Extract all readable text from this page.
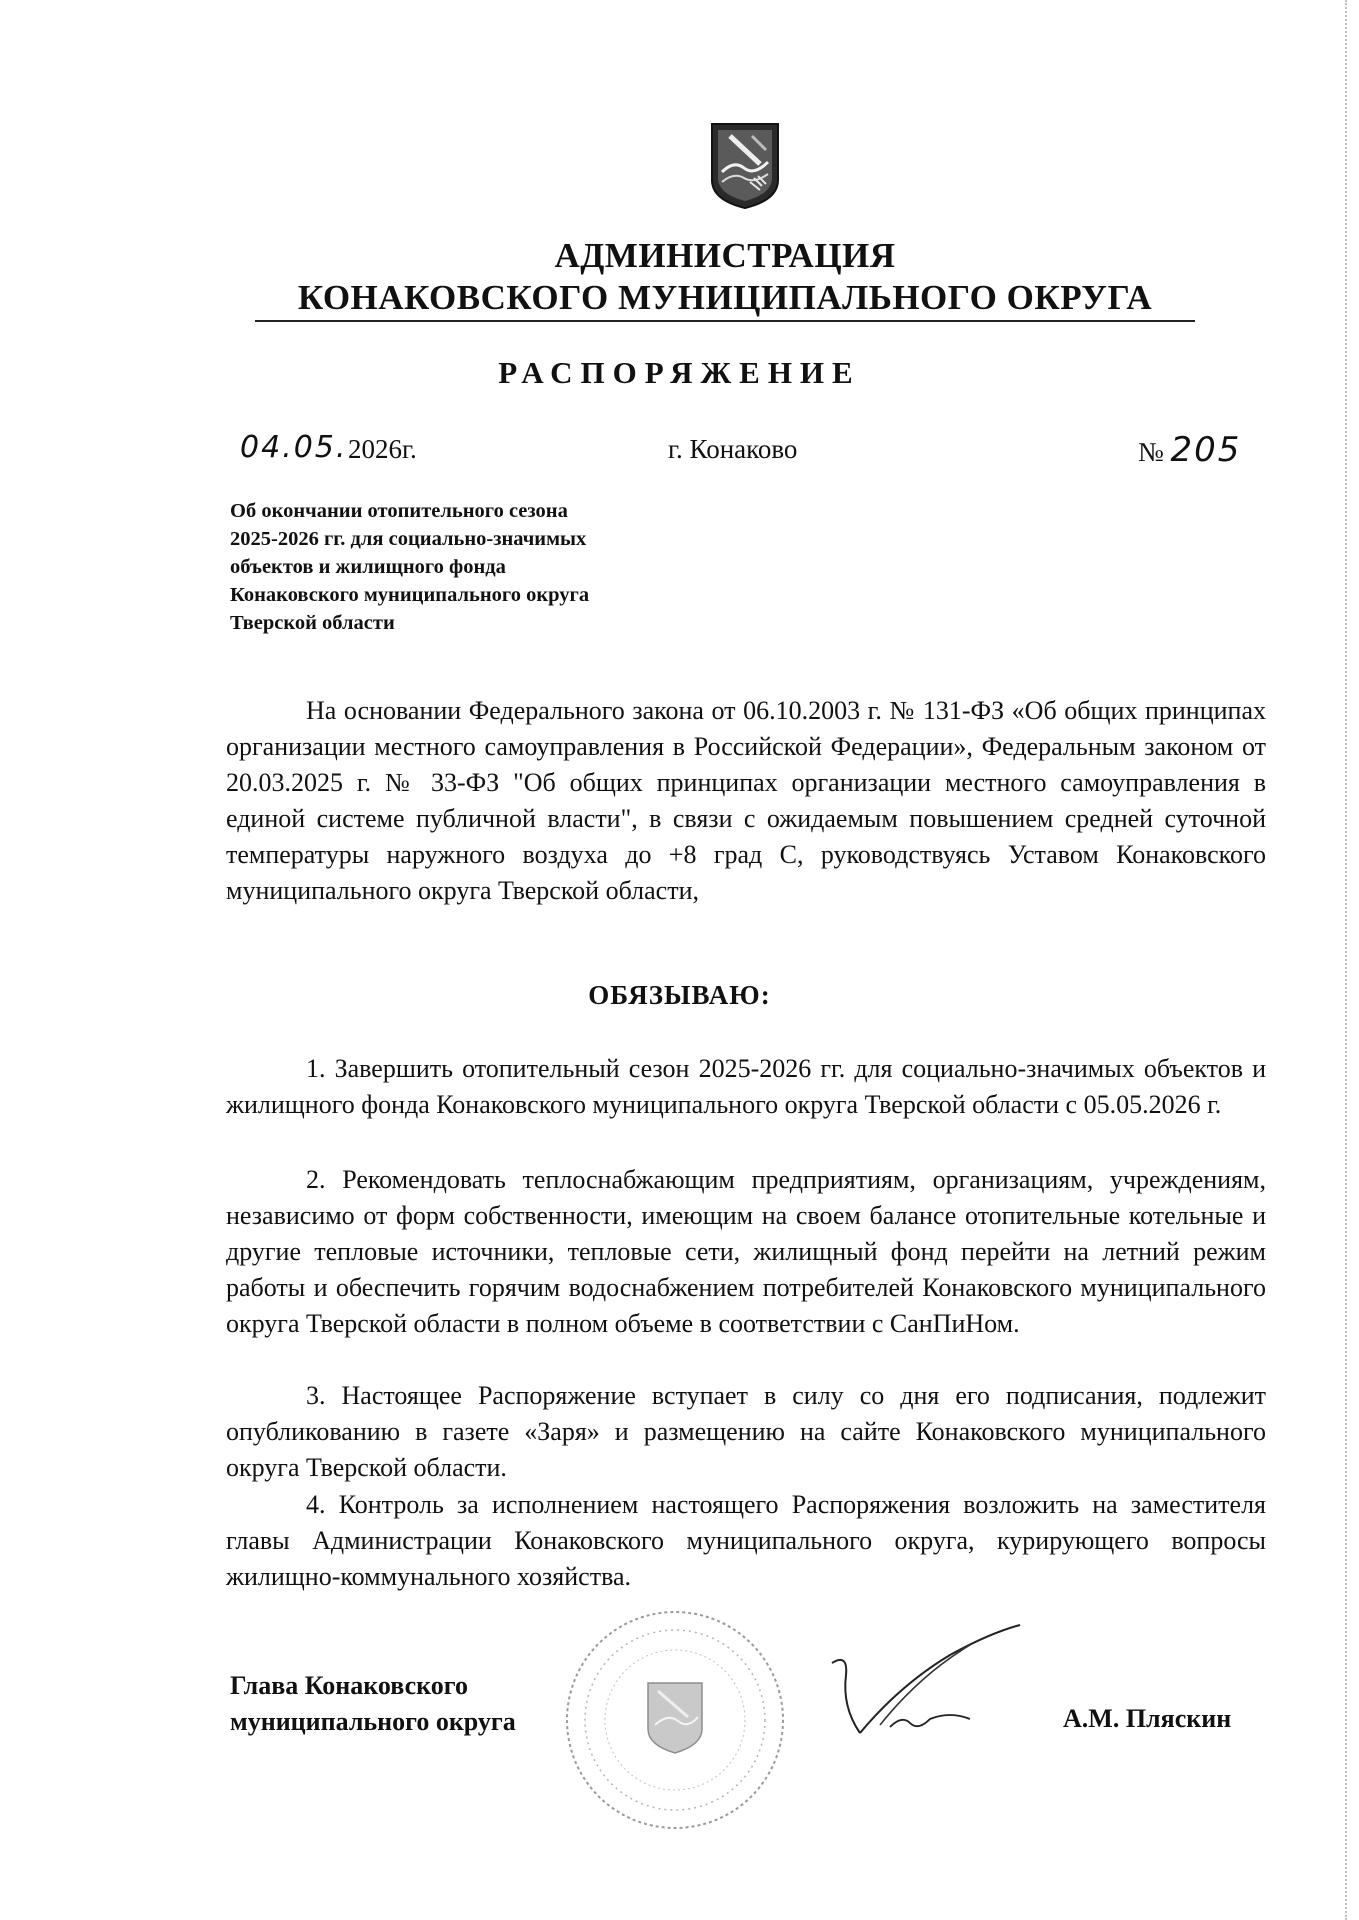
АДМИНИСТРАЦИЯ
КОНАКОВСКОГО МУНИЦИПАЛЬНОГО ОКРУГА
РАСПОРЯЖЕНИЕ
04.05. 2026г.	г. Конаково	№ 205
Об окончании отопительного сезона
2025-2026 гг. для социально-значимых
объектов и жилищного фонда
Конаковского муниципального округа
Тверской области
На основании Федерального закона от 06.10.2003 г. № 131-ФЗ «Об общих принципах организации местного самоуправления в Российской Федерации», Федеральным законом от 20.03.2025 г. № 33-ФЗ "Об общих принципах организации местного самоуправления в единой системе публичной власти", в связи с ожидаемым повышением средней суточной температуры наружного воздуха до +8 град С, руководствуясь Уставом Конаковского муниципального округа Тверской области,
ОБЯЗЫВАЮ:
1. Завершить отопительный сезон 2025-2026 гг. для социально-значимых объектов и жилищного фонда Конаковского муниципального округа Тверской области с 05.05.2026 г.
2. Рекомендовать теплоснабжающим предприятиям, организациям, учреждениям, независимо от форм собственности, имеющим на своем балансе отопительные котельные и другие тепловые источники, тепловые сети, жилищный фонд перейти на летний режим работы и обеспечить горячим водоснабжением потребителей Конаковского муниципального округа Тверской области в полном объеме в соответствии с СанПиНом.
3. Настоящее Распоряжение вступает в силу со дня его подписания, подлежит опубликованию в газете «Заря» и размещению на сайте Конаковского муниципального округа Тверской области.
4. Контроль за исполнением настоящего Распоряжения возложить на заместителя главы Администрации Конаковского муниципального округа, курирующего вопросы жилищно-коммунального хозяйства.
Глава Конаковского
муниципального округа	А.М. Пляскин
